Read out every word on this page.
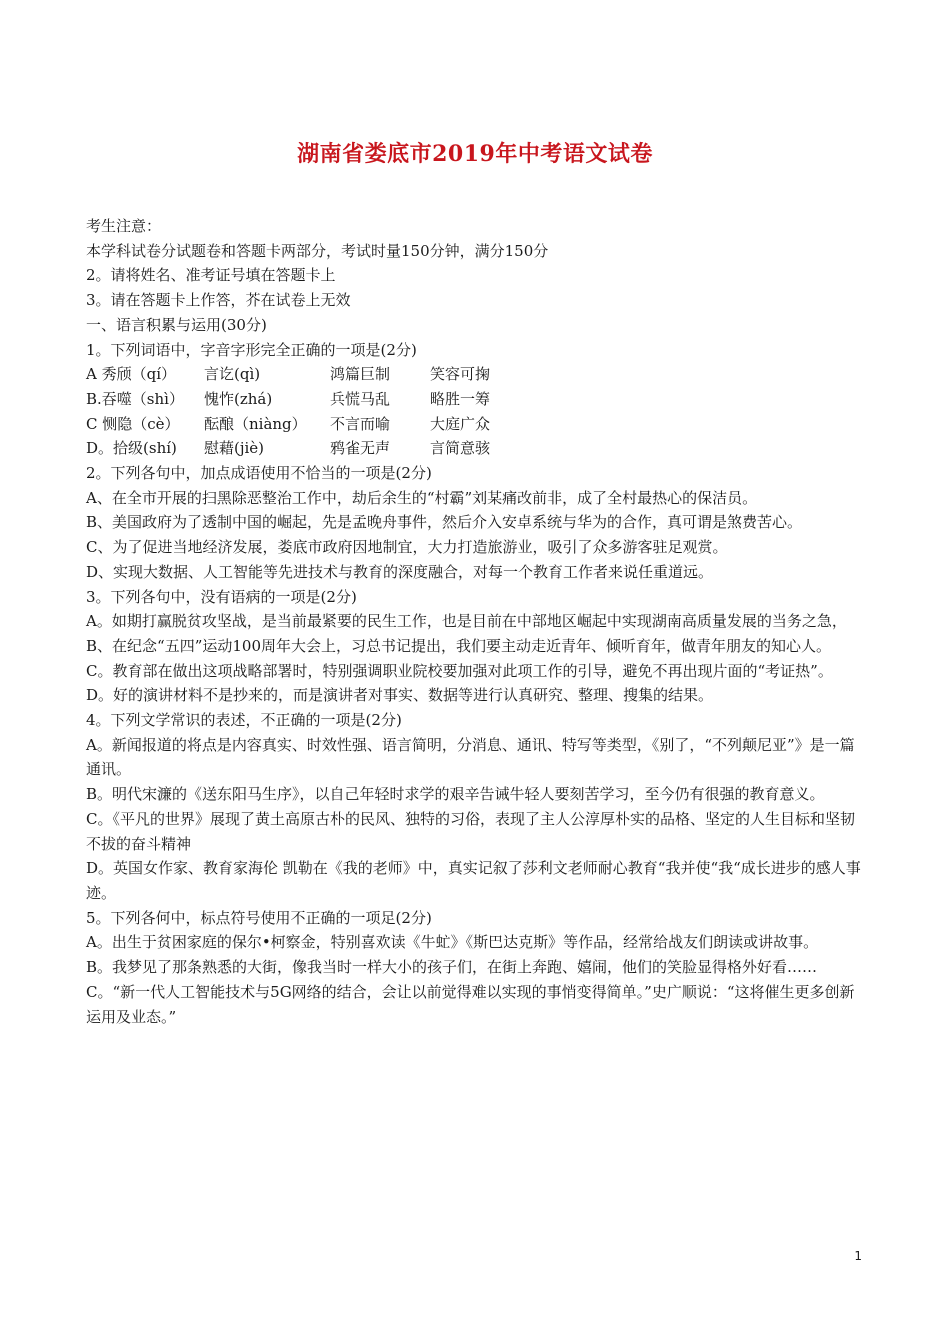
湖南省娄底市2019年中考语文试卷
考生注意：
本学科试卷分试题卷和答题卡两部分，考试时量150分钟，满分150分
2。请将姓名、准考证号填在答题卡上
3。请在答题卡上作答，芥在试卷上无效
一、语言积累与运用(30分)
1。下列词语中，字音字形完全正确的一项是(2分)
A 秀颀（qí）	言讫(qì)	鸿篇巨制	笑容可掬
B.吞噬（shì）	愧怍(zhá)	兵慌马乱	略胜一筹
C 恻隐（cè）	酝酿（niàng）	不言而喻	大庭广众
D。拾级(shí)	慰藉(jiè)	鸦雀无声	言简意骇
2。下列各句中，加点成语使用不恰当的一项是(2分)
A、在全市开展的扫黑除恶整治工作中，劫后余生的“村霸”刘某痛改前非，成了全村最热心的保洁员。
B、美国政府为了透制中国的崛起，先是孟晚舟事件，然后介入安卓系统与华为的合作，真可谓是煞费苦心。
C、为了促进当地经济发展，娄底市政府因地制宜，大力打造旅游业，吸引了众多游客驻足观赏。
D、实现大数据、人工智能等先进技术与教育的深度融合，对每一个教育工作者来说任重道远。
3。下列各句中，没有语病的一项是(2分)
A。如期打赢脱贫攻坚战，是当前最紧要的民生工作，也是目前在中部地区崛起中实现湖南高质量发展的当务之急，
B、在纪念“五四”运动100周年大会上，习总书记提出，我们要主动走近青年、倾听育年，做青年朋友的知心人。
C。教育部在做出这项战略部署时，特别强调职业院校要加强对此项工作的引导，避免不再出现片面的“考证热”。
D。好的演讲材料不是抄来的，而是演讲者对事实、数据等进行认真研究、整理、搜集的结果。
4。下列文学常识的表述，不正确的一项是(2分)
A。新闻报道的将点是内容真实、时效性强、语言简明，分消息、通讯、特写等类型，《别了，“不列颠尼亚”》是一篇通讯。
B。明代宋濂的《送东阳马生序》，以自己年轻时求学的艰辛告诫牛轻人要刻苦学习，至今仍有很强的教育意义。
C。《平凡的世界》展现了黄土高原古朴的民风、独特的习俗，表现了主人公淳厚朴实的品格、坚定的人生目标和坚韧不拔的奋斗精神
D。英国女作家、教育家海伦 凯勒在《我的老师》中，真实记叙了莎利文老师耐心教育“我并使“我“成长进步的感人事迹。
5。下列各何中，标点符号使用不正确的一项足(2分)
A。出生于贫困家庭的保尔•柯察金，特别喜欢读《牛虻》《斯巴达克斯》等作品，经常给战友们朗读或讲故事。
B。我梦见了那条熟悉的大街，像我当时一样大小的孩子们，在街上奔跑、嬉闹，他们的笑脸显得格外好看……
C。“新一代人工智能技术与5G网络的结合，会让以前觉得难以实现的事悄变得简单。”史广顺说：“这将催生更多创新运用及业态。”
1
